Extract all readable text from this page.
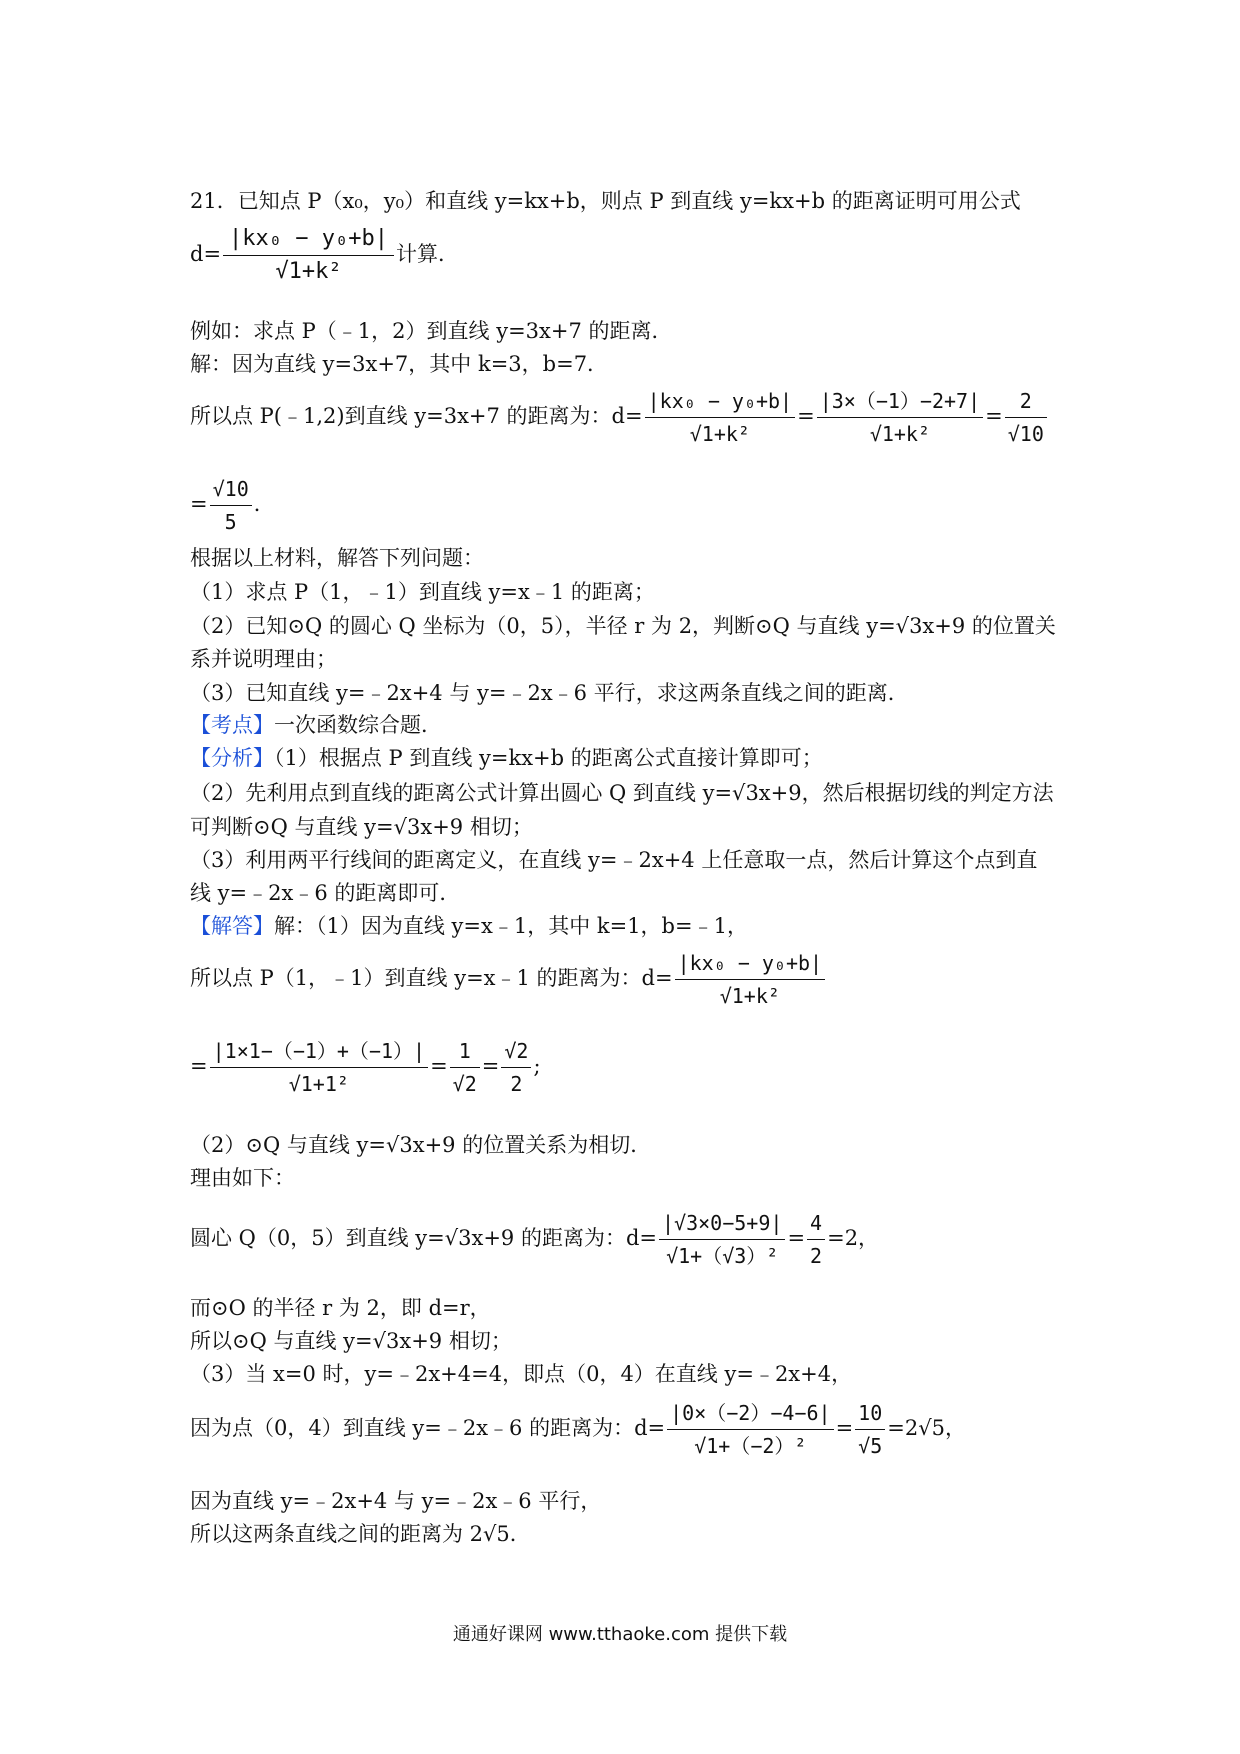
21．已知点 P（x₀，y₀）和直线 y=kx+b，则点 P 到直线 y=kx+b 的距离证明可用公式
$d= \frac{\text{|kx₀ − y₀+b|}}{\text{√1+k²}}$ 计算．
例如：求点 P（﹣1，2）到直线 y=3x+7 的距离．
解：因为直线 y=3x+7，其中 k=3，b=7．
所以点 P(﹣1,2)到直线 y=3x+7 的距离为：$d= \frac{\text{|kx₀ − y₀+b|}}{\text{√1+k²}} = \frac{|3\times(-1)-2+7|}{\text{√1+k²}} = \frac{2}{√10}$
= $\frac{√10}{5}$ ．
根据以上材料，解答下列问题：
（1）求点 P（1，﹣1）到直线 y=x﹣1 的距离；
（2）已知⊙Q 的圆心 Q 坐标为（0，5），半径 r 为 2，判断⊙Q 与直线 y=√3x+9 的位置关
系并说明理由；
（3）已知直线 y=﹣2x+4 与 y=﹣2x﹣6 平行，求这两条直线之间的距离．
【考点】一次函数综合题．
【分析】（1）根据点 P 到直线 y=kx+b 的距离公式直接计算即可；
（2）先利用点到直线的距离公式计算出圆心 Q 到直线 y=√3x+9，然后根据切线的判定方法
可判断⊙Q 与直线 y=√3x+9 相切；
（3）利用两平行线间的距离定义，在直线 y=﹣2x+4 上任意取一点，然后计算这个点到直
线 y=﹣2x﹣6 的距离即可．
【解答】解：（1）因为直线 y=x﹣1，其中 k=1，b=﹣1，
所以点 P（1，﹣1）到直线 y=x﹣1 的距离为：$d= \frac{\text{|kx₀ − y₀+b|}}{\text{√1+k²}}$
= $\frac{|1\times 1-(-1)+(-1)|}{\text{√1+1²}} = \frac{1}{√2} = \frac{√2}{2}$ ;
（2）⊙Q 与直线 y=√3x+9 的位置关系为相切．
理由如下：
圆心 Q（0，5）到直线 y=√3x+9 的距离为：$d= \frac{|√3\times 0-5+9|}{\text{√1+（√3）²}} = \frac{4}{2} =2$，
而⊙O 的半径 r 为 2，即 d=r，
所以⊙Q 与直线 y=√3x+9 相切；
（3）当 x=0 时，y=﹣2x+4=4，即点（0，4）在直线 y=﹣2x+4，
因为点（0，4）到直线 y=﹣2x﹣6 的距离为：$d= \frac{|0\times(-2)-4-6|}{\text{√1+（−2）²}} = \frac{10}{√5} =2√5$，
因为直线 y=﹣2x+4 与 y=﹣2x﹣6 平行，
所以这两条直线之间的距离为 2√5．
通通好课网 www.tthaoke.com 提供下载
